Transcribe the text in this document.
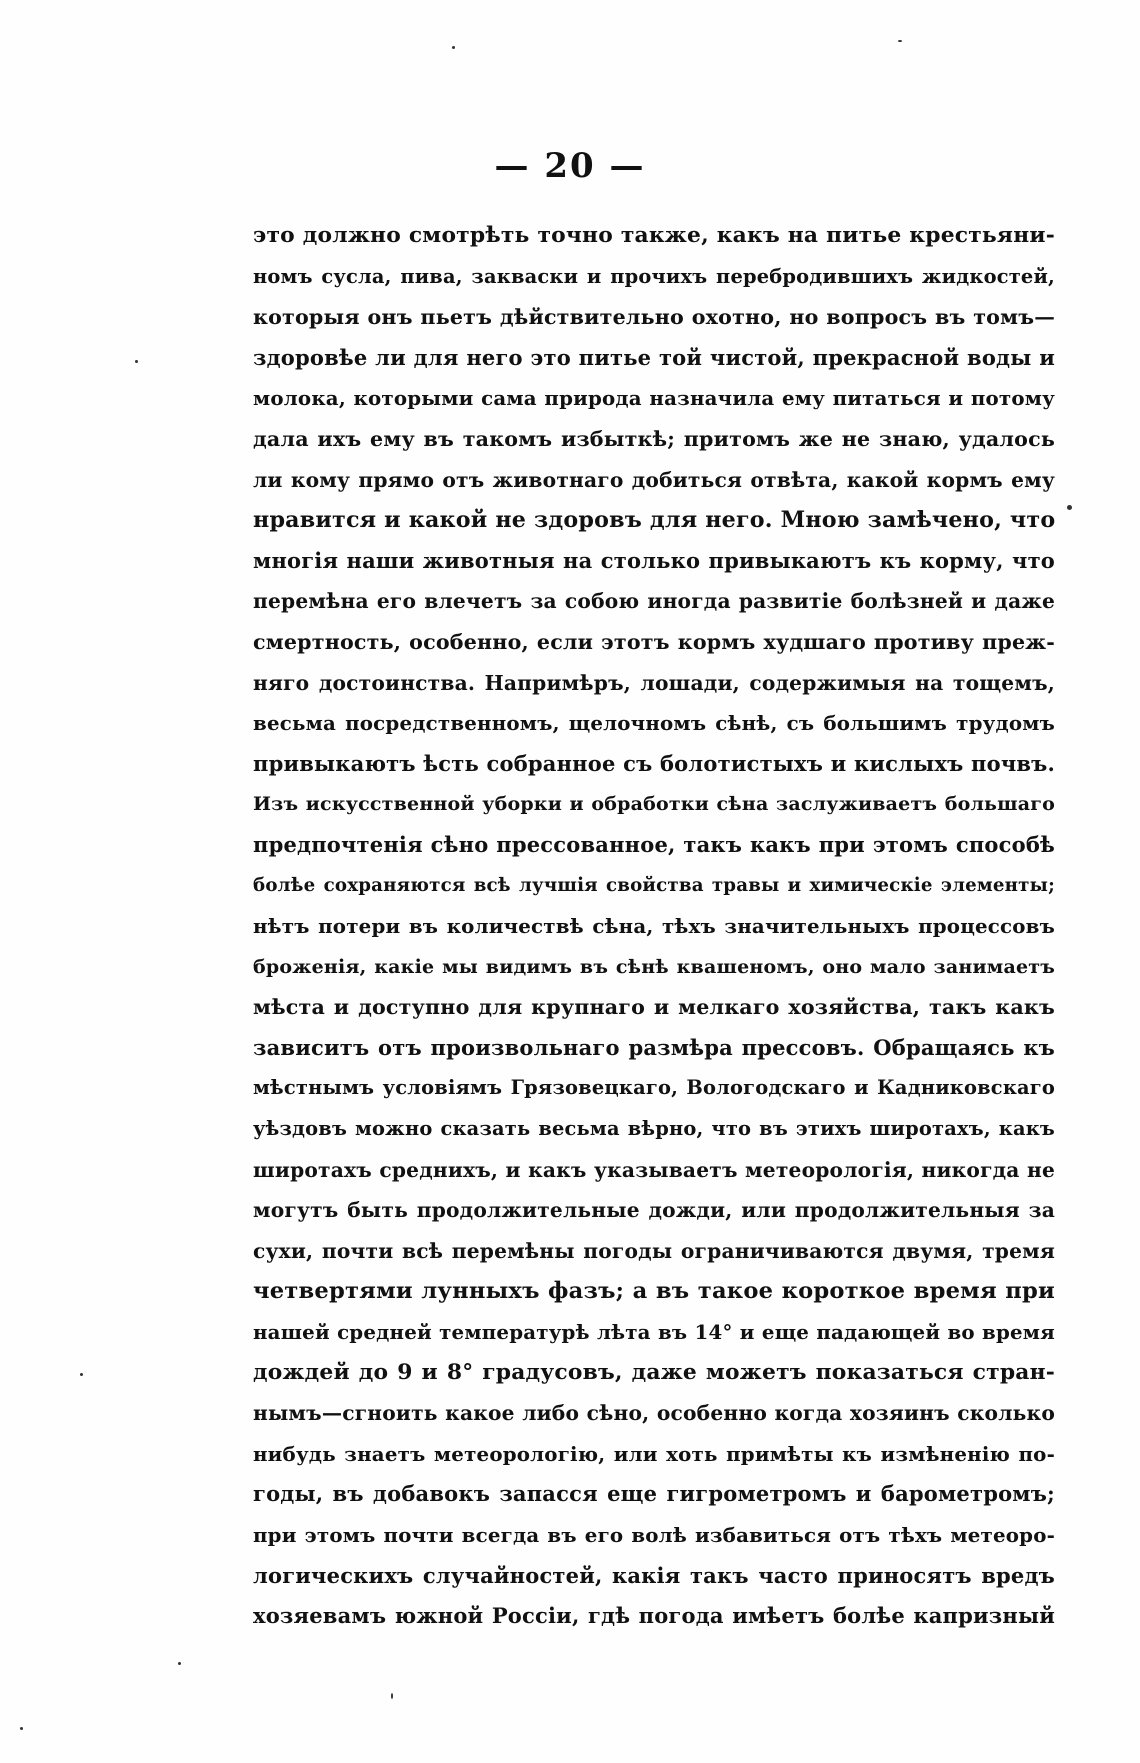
— 20 —
это должно смотрѣть точно также, какъ на питье крестьяни-
номъ сусла, пива, закваски и прочихъ перебродившихъ жидкостей,
которыя онъ пьетъ дѣйствительно охотно, но вопросъ въ томъ—
здоровѣе ли для него это питье той чистой, прекрасной воды и
молока, которыми сама природа назначила ему питаться и потому
дала ихъ ему въ такомъ избыткѣ; притомъ же не знаю, удалось
ли кому прямо отъ животнаго добиться отвѣта, какой кормъ ему
нравится и какой не здоровъ для него. Мною замѣчено, что
многія наши животныя на столько привыкаютъ къ корму, что
перемѣна его влечетъ за собою иногда развитіе болѣзней и даже
смертность, особенно, если этотъ кормъ худшаго противу преж-
няго достоинства. Напримѣръ, лошади, содержимыя на тощемъ,
весьма посредственномъ, щелочномъ сѣнѣ, съ большимъ трудомъ
привыкаютъ ѣсть собранное съ болотистыхъ и кислыхъ почвъ.
Изъ искусственной уборки и обработки сѣна заслуживаетъ большаго
предпочтенія сѣно прессованное, такъ какъ при этомъ способѣ
болѣе сохраняются всѣ лучшія свойства травы и химическіе элементы;
нѣтъ потери въ количествѣ сѣна, тѣхъ значительныхъ процессовъ
броженія, какіе мы видимъ въ сѣнѣ квашеномъ, оно мало занимаетъ
мѣста и доступно для крупнаго и мелкаго хозяйства, такъ какъ
зависитъ отъ произвольнаго размѣра прессовъ. Обращаясь къ
мѣстнымъ условіямъ Грязовецкаго, Вологодскаго и Кадниковскаго
уѣздовъ можно сказать весьма вѣрно, что въ этихъ широтахъ, какъ
широтахъ среднихъ, и какъ указываетъ метеорологія, никогда не
могутъ быть продолжительные дожди, или продолжительныя за
сухи, почти всѣ перемѣны погоды ограничиваются двумя, тремя
четвертями лунныхъ фазъ; а въ такое короткое время при
нашей средней температурѣ лѣта въ 14° и еще падающей во время
дождей до 9 и 8° градусовъ, даже можетъ показаться стран-
нымъ—сгноить какое либо сѣно, особенно когда хозяинъ сколько
нибудь знаетъ метеорологію, или хоть примѣты къ измѣненію по-
годы, въ добавокъ запасся еще гигрометромъ и барометромъ;
при этомъ почти всегда въ его волѣ избавиться отъ тѣхъ метеоро-
логическихъ случайностей, какія такъ часто приносятъ вредъ
хозяевамъ южной Россіи, гдѣ погода имѣетъ болѣе капризный
